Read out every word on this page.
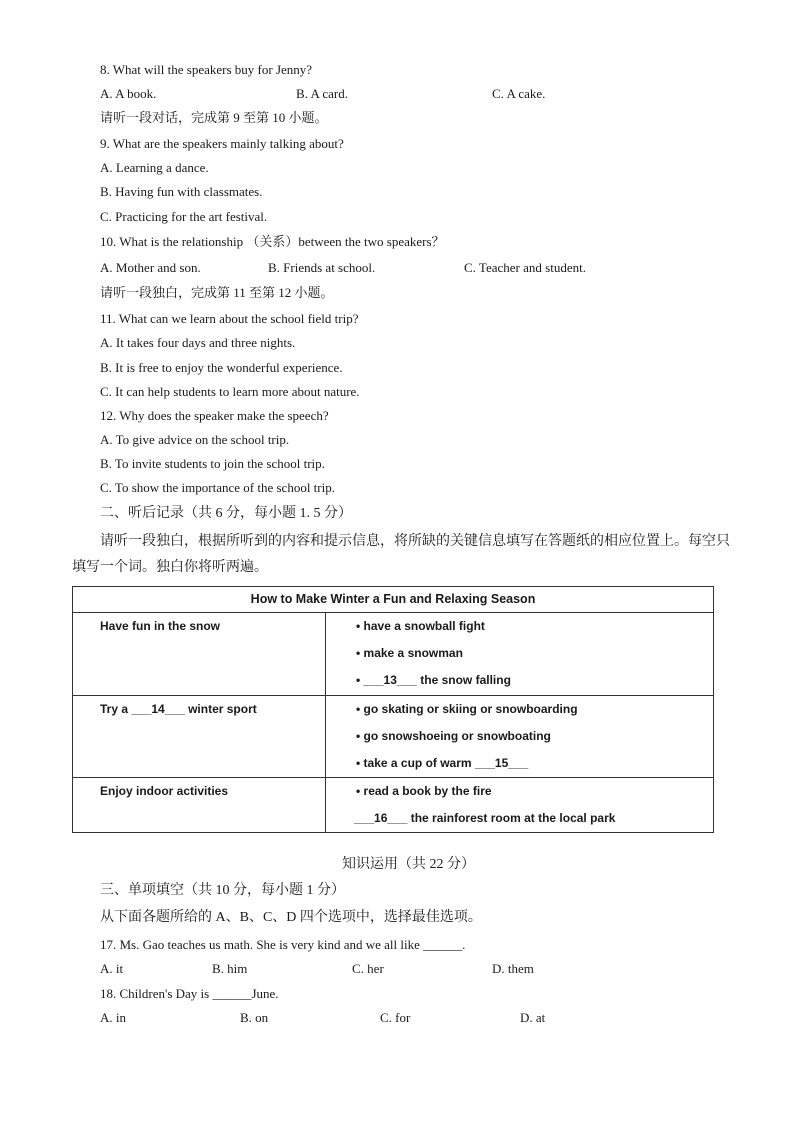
8. What will the speakers buy for Jenny?
A. A book.	B. A card.	C. A cake.
请听一段对话，完成第 9 至第 10 小题。
9. What are the speakers mainly talking about?
A. Learning a dance.
B. Having fun with classmates.
C. Practicing for the art festival.
10. What is the relationship （关系）between the two speakers？
A. Mother and son.	B. Friends at school.	C. Teacher and student.
请听一段独白，完成第 11 至第 12 小题。
11. What can we learn about the school field trip?
A. It takes four days and three nights.
B. It is free to enjoy the wonderful experience.
C. It can help students to learn more about nature.
12. Why does the speaker make the speech?
A. To give advice on the school trip.
B. To invite students to join the school trip.
C. To show the importance of the school trip.
二、听后记录（共 6 分，每小题 1. 5 分）
请听一段独白，根据所听到的内容和提示信息，将所缺的关键信息填写在答题纸的相应位置上。每空只
填写一个词。独白你将听两遍。
How to Make Winter a Fun and Relaxing Season	
Have fun in the snow	• have a snowball fight
• make a snowman
• ___13___ the snow falling

Try a ___14___ winter sport	• go skating or skiing or snowboarding
• go snowshoeing or snowboating
• take a cup of warm ___15___

Enjoy indoor activities	• read a book by the fire
___16___ the rainforest room at the local park
知识运用（共 22 分）
三、单项填空（共 10 分，每小题 1 分）
从下面各题所给的 A、B、C、D 四个选项中，选择最佳选项。
17. Ms. Gao teaches us math. She is very kind and we all like ______.
A. it	B. him	C. her	D. them
18. Children's Day is ______June.
A. in	B. on	C. for	D. at
